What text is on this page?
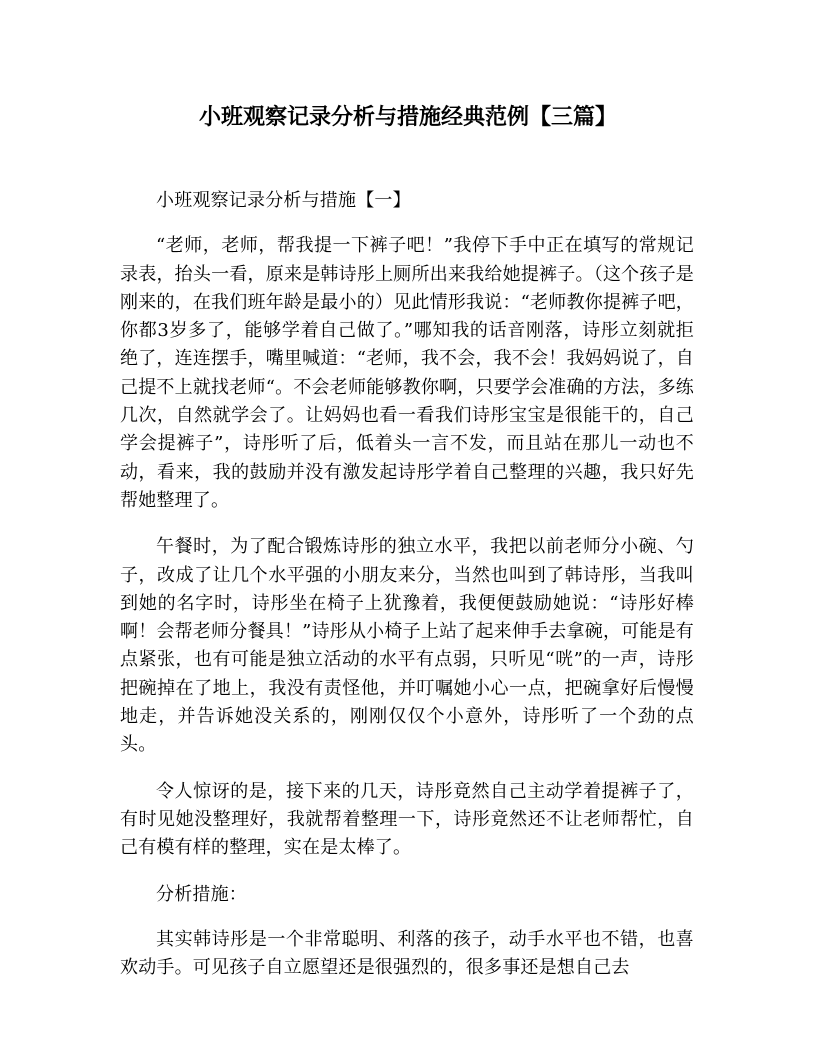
小班观察记录分析与措施经典范例【三篇】

小班观察记录分析与措施【一】

“老师，老师，帮我提一下裤子吧！”我停下手中正在填写的常规记录表，抬头一看，原来是韩诗彤上厕所出来我给她提裤子。（这个孩子是刚来的，在我们班年龄是最小的）见此情形我说：“老师教你提裤子吧，你都3岁多了，能够学着自己做了。”哪知我的话音刚落，诗彤立刻就拒绝了，连连摆手，嘴里喊道：“老师，我不会，我不会！我妈妈说了，自己提不上就找老师“。不会老师能够教你啊，只要学会准确的方法，多练几次，自然就学会了。让妈妈也看一看我们诗彤宝宝是很能干的，自己学会提裤子”，诗彤听了后，低着头一言不发，而且站在那儿一动也不动，看来，我的鼓励并没有激发起诗彤学着自己整理的兴趣，我只好先帮她整理了。

午餐时，为了配合锻炼诗彤的独立水平，我把以前老师分小碗、勺子，改成了让几个水平强的小朋友来分，当然也叫到了韩诗彤，当我叫到她的名字时，诗彤坐在椅子上犹豫着，我便便鼓励她说：“诗彤好棒啊！会帮老师分餐具！”诗彤从小椅子上站了起来伸手去拿碗，可能是有点紧张，也有可能是独立活动的水平有点弱，只听见“咣”的一声，诗彤把碗掉在了地上，我没有责怪他，并叮嘱她小心一点，把碗拿好后慢慢地走，并告诉她没关系的，刚刚仅仅个小意外，诗彤听了一个劲的点头。

令人惊讶的是，接下来的几天，诗彤竟然自己主动学着提裤子了，有时见她没整理好，我就帮着整理一下，诗彤竟然还不让老师帮忙，自己有模有样的整理，实在是太棒了。

分析措施：

其实韩诗彤是一个非常聪明、利落的孩子，动手水平也不错，也喜欢动手。可见孩子自立愿望还是很强烈的，很多事还是想自己去
